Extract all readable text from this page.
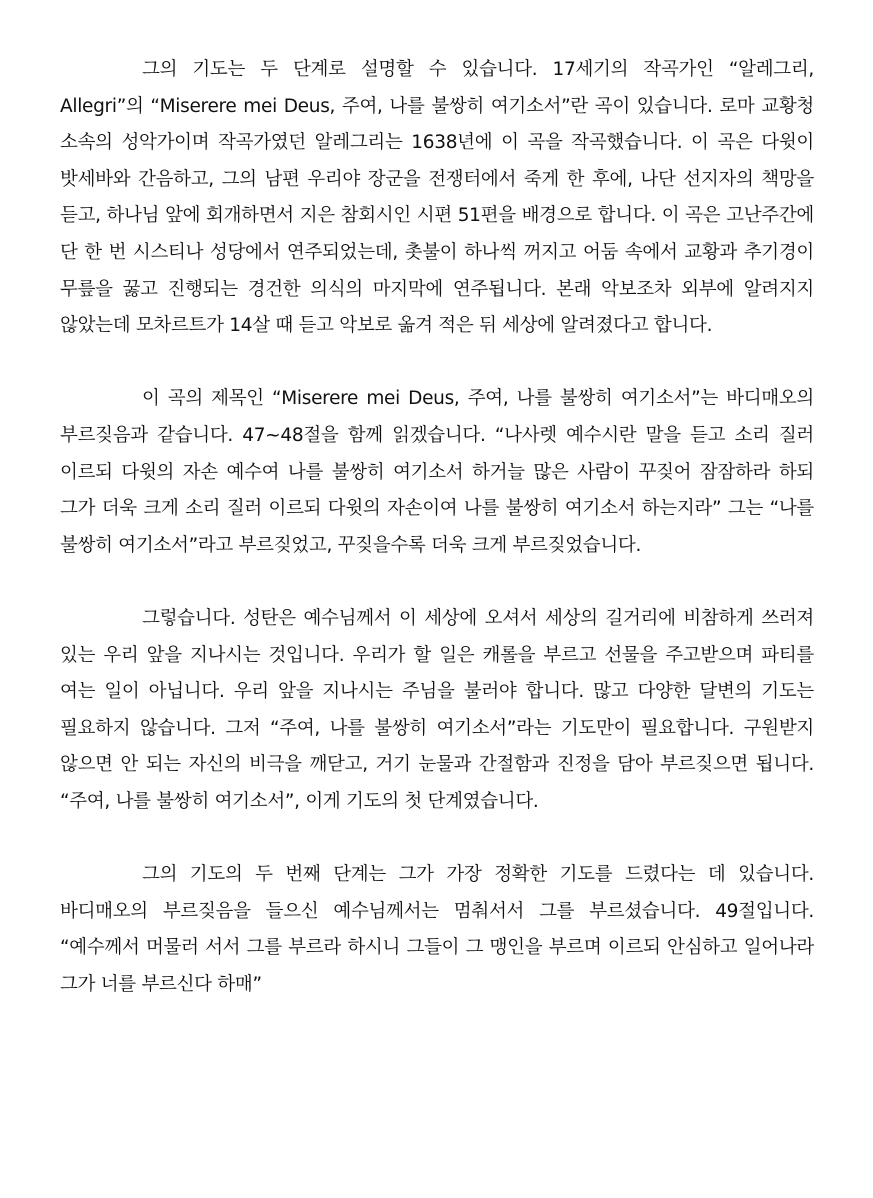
그의 기도는 두 단계로 설명할 수 있습니다. 17세기의 작곡가인 “알레그리, Allegri”의 “Miserere mei Deus, 주여, 나를 불쌍히 여기소서”란 곡이 있습니다. 로마 교황청 소속의 성악가이며 작곡가였던 알레그리는 1638년에 이 곡을 작곡했습니다. 이 곡은 다윗이 밧세바와 간음하고, 그의 남편 우리야 장군을 전쟁터에서 죽게 한 후에, 나단 선지자의 책망을 듣고, 하나님 앞에 회개하면서 지은 참회시인 시편 51편을 배경으로 합니다. 이 곡은 고난주간에 단 한 번 시스티나 성당에서 연주되었는데, 촛불이 하나씩 꺼지고 어둠 속에서 교황과 추기경이 무릎을 꿇고 진행되는 경건한 의식의 마지막에 연주됩니다. 본래 악보조차 외부에 알려지지 않았는데 모차르트가 14살 때 듣고 악보로 옮겨 적은 뒤 세상에 알려졌다고 합니다.

이 곡의 제목인 “Miserere mei Deus, 주여, 나를 불쌍히 여기소서”는 바디매오의 부르짖음과 같습니다. 47~48절을 함께 읽겠습니다. “나사렛 예수시란 말을 듣고 소리 질러 이르되 다윗의 자손 예수여 나를 불쌍히 여기소서 하거늘 많은 사람이 꾸짖어 잠잠하라 하되 그가 더욱 크게 소리 질러 이르되 다윗의 자손이여 나를 불쌍히 여기소서 하는지라” 그는 “나를 불쌍히 여기소서”라고 부르짖었고, 꾸짖을수록 더욱 크게 부르짖었습니다.

그렇습니다. 성탄은 예수님께서 이 세상에 오셔서 세상의 길거리에 비참하게 쓰러져 있는 우리 앞을 지나시는 것입니다. 우리가 할 일은 캐롤을 부르고 선물을 주고받으며 파티를 여는 일이 아닙니다. 우리 앞을 지나시는 주님을 불러야 합니다. 많고 다양한 달변의 기도는 필요하지 않습니다. 그저 “주여, 나를 불쌍히 여기소서”라는 기도만이 필요합니다. 구원받지 않으면 안 되는 자신의 비극을 깨닫고, 거기 눈물과 간절함과 진정을 담아 부르짖으면 됩니다. “주여, 나를 불쌍히 여기소서”, 이게 기도의 첫 단계였습니다.

그의 기도의 두 번째 단계는 그가 가장 정확한 기도를 드렸다는 데 있습니다. 바디매오의 부르짖음을 들으신 예수님께서는 멈춰서서 그를 부르셨습니다. 49절입니다. “예수께서 머물러 서서 그를 부르라 하시니 그들이 그 맹인을 부르며 이르되 안심하고 일어나라 그가 너를 부르신다 하매”
